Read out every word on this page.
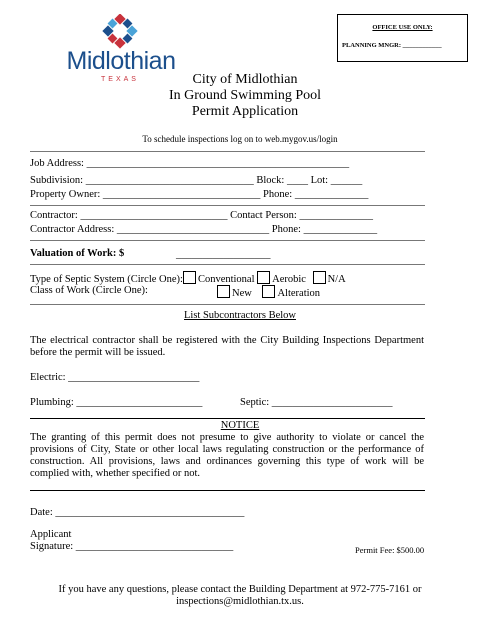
Midlothian
TEXAS
OFFICE USE ONLY:
PLANNING MNGR: ____________
City of Midlothian
In Ground Swimming Pool
Permit Application
To schedule inspections log on to web.mygov.us/login
Job Address: __________________________________________________
Subdivision: ________________________________ Block: ____ Lot: ______
Property Owner: ______________________________ Phone: ______________
Contractor: ____________________________ Contact Person: ______________
Contractor Address: _____________________________ Phone: ______________
Valuation of Work: $	__________________
Type of Septic System (Circle One): Conventional Aerobic N/A
Class of Work (Circle One):	New Alteration
List Subcontractors Below
The electrical contractor shall be registered with the City Building Inspections Department before the permit will be issued.
Electric: _________________________
Plumbing: ________________________	Septic: _______________________
NOTICE
The granting of this permit does not presume to give authority to violate or cancel the provisions of City, State or other local laws regulating construction or the performance of construction. All provisions, laws and ordinances governing this type of work will be complied with, whether specified or not.
Date: ____________________________________
Applicant
Signature: ______________________________	Permit Fee: $500.00
If you have any questions, please contact the Building Department at 972-775-7161 or
inspections@midlothian.tx.us.
